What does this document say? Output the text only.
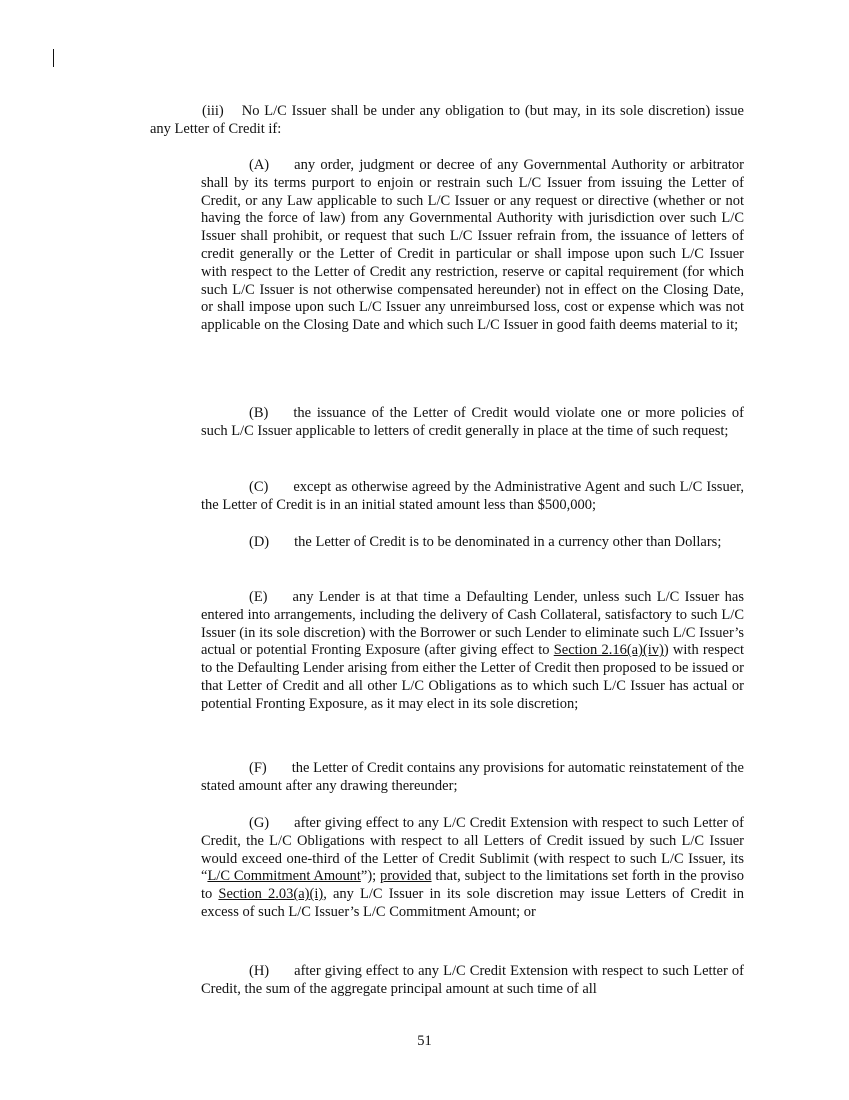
(iii) No L/C Issuer shall be under any obligation to (but may, in its sole discretion) issue any Letter of Credit if:

(A) any order, judgment or decree of any Governmental Authority or arbitrator shall by its terms purport to enjoin or restrain such L/C Issuer from issuing the Letter of Credit, or any Law applicable to such L/C Issuer or any request or directive (whether or not having the force of law) from any Governmental Authority with jurisdiction over such L/C Issuer shall prohibit, or request that such L/C Issuer refrain from, the issuance of letters of credit generally or the Letter of Credit in particular or shall impose upon such L/C Issuer with respect to the Letter of Credit any restriction, reserve or capital requirement (for which such L/C Issuer is not otherwise compensated hereunder) not in effect on the Closing Date, or shall impose upon such L/C Issuer any unreimbursed loss, cost or expense which was not applicable on the Closing Date and which such L/C Issuer in good faith deems material to it;

(B) the issuance of the Letter of Credit would violate one or more policies of such L/C Issuer applicable to letters of credit generally in place at the time of such request;

(C) except as otherwise agreed by the Administrative Agent and such L/C Issuer, the Letter of Credit is in an initial stated amount less than $500,000;

(D) the Letter of Credit is to be denominated in a currency other than Dollars;

(E) any Lender is at that time a Defaulting Lender, unless such L/C Issuer has entered into arrangements, including the delivery of Cash Collateral, satisfactory to such L/C Issuer (in its sole discretion) with the Borrower or such Lender to eliminate such L/C Issuer’s actual or potential Fronting Exposure (after giving effect to Section 2.16(a)(iv)) with respect to the Defaulting Lender arising from either the Letter of Credit then proposed to be issued or that Letter of Credit and all other L/C Obligations as to which such L/C Issuer has actual or potential Fronting Exposure, as it may elect in its sole discretion;

(F) the Letter of Credit contains any provisions for automatic reinstatement of the stated amount after any drawing thereunder;

(G) after giving effect to any L/C Credit Extension with respect to such Letter of Credit, the L/C Obligations with respect to all Letters of Credit issued by such L/C Issuer would exceed one-third of the Letter of Credit Sublimit (with respect to such L/C Issuer, its “L/C Commitment Amount”); provided that, subject to the limitations set forth in the proviso to Section 2.03(a)(i), any L/C Issuer in its sole discretion may issue Letters of Credit in excess of such L/C Issuer’s L/C Commitment Amount; or

(H) after giving effect to any L/C Credit Extension with respect to such Letter of Credit, the sum of the aggregate principal amount at such time of all

51
